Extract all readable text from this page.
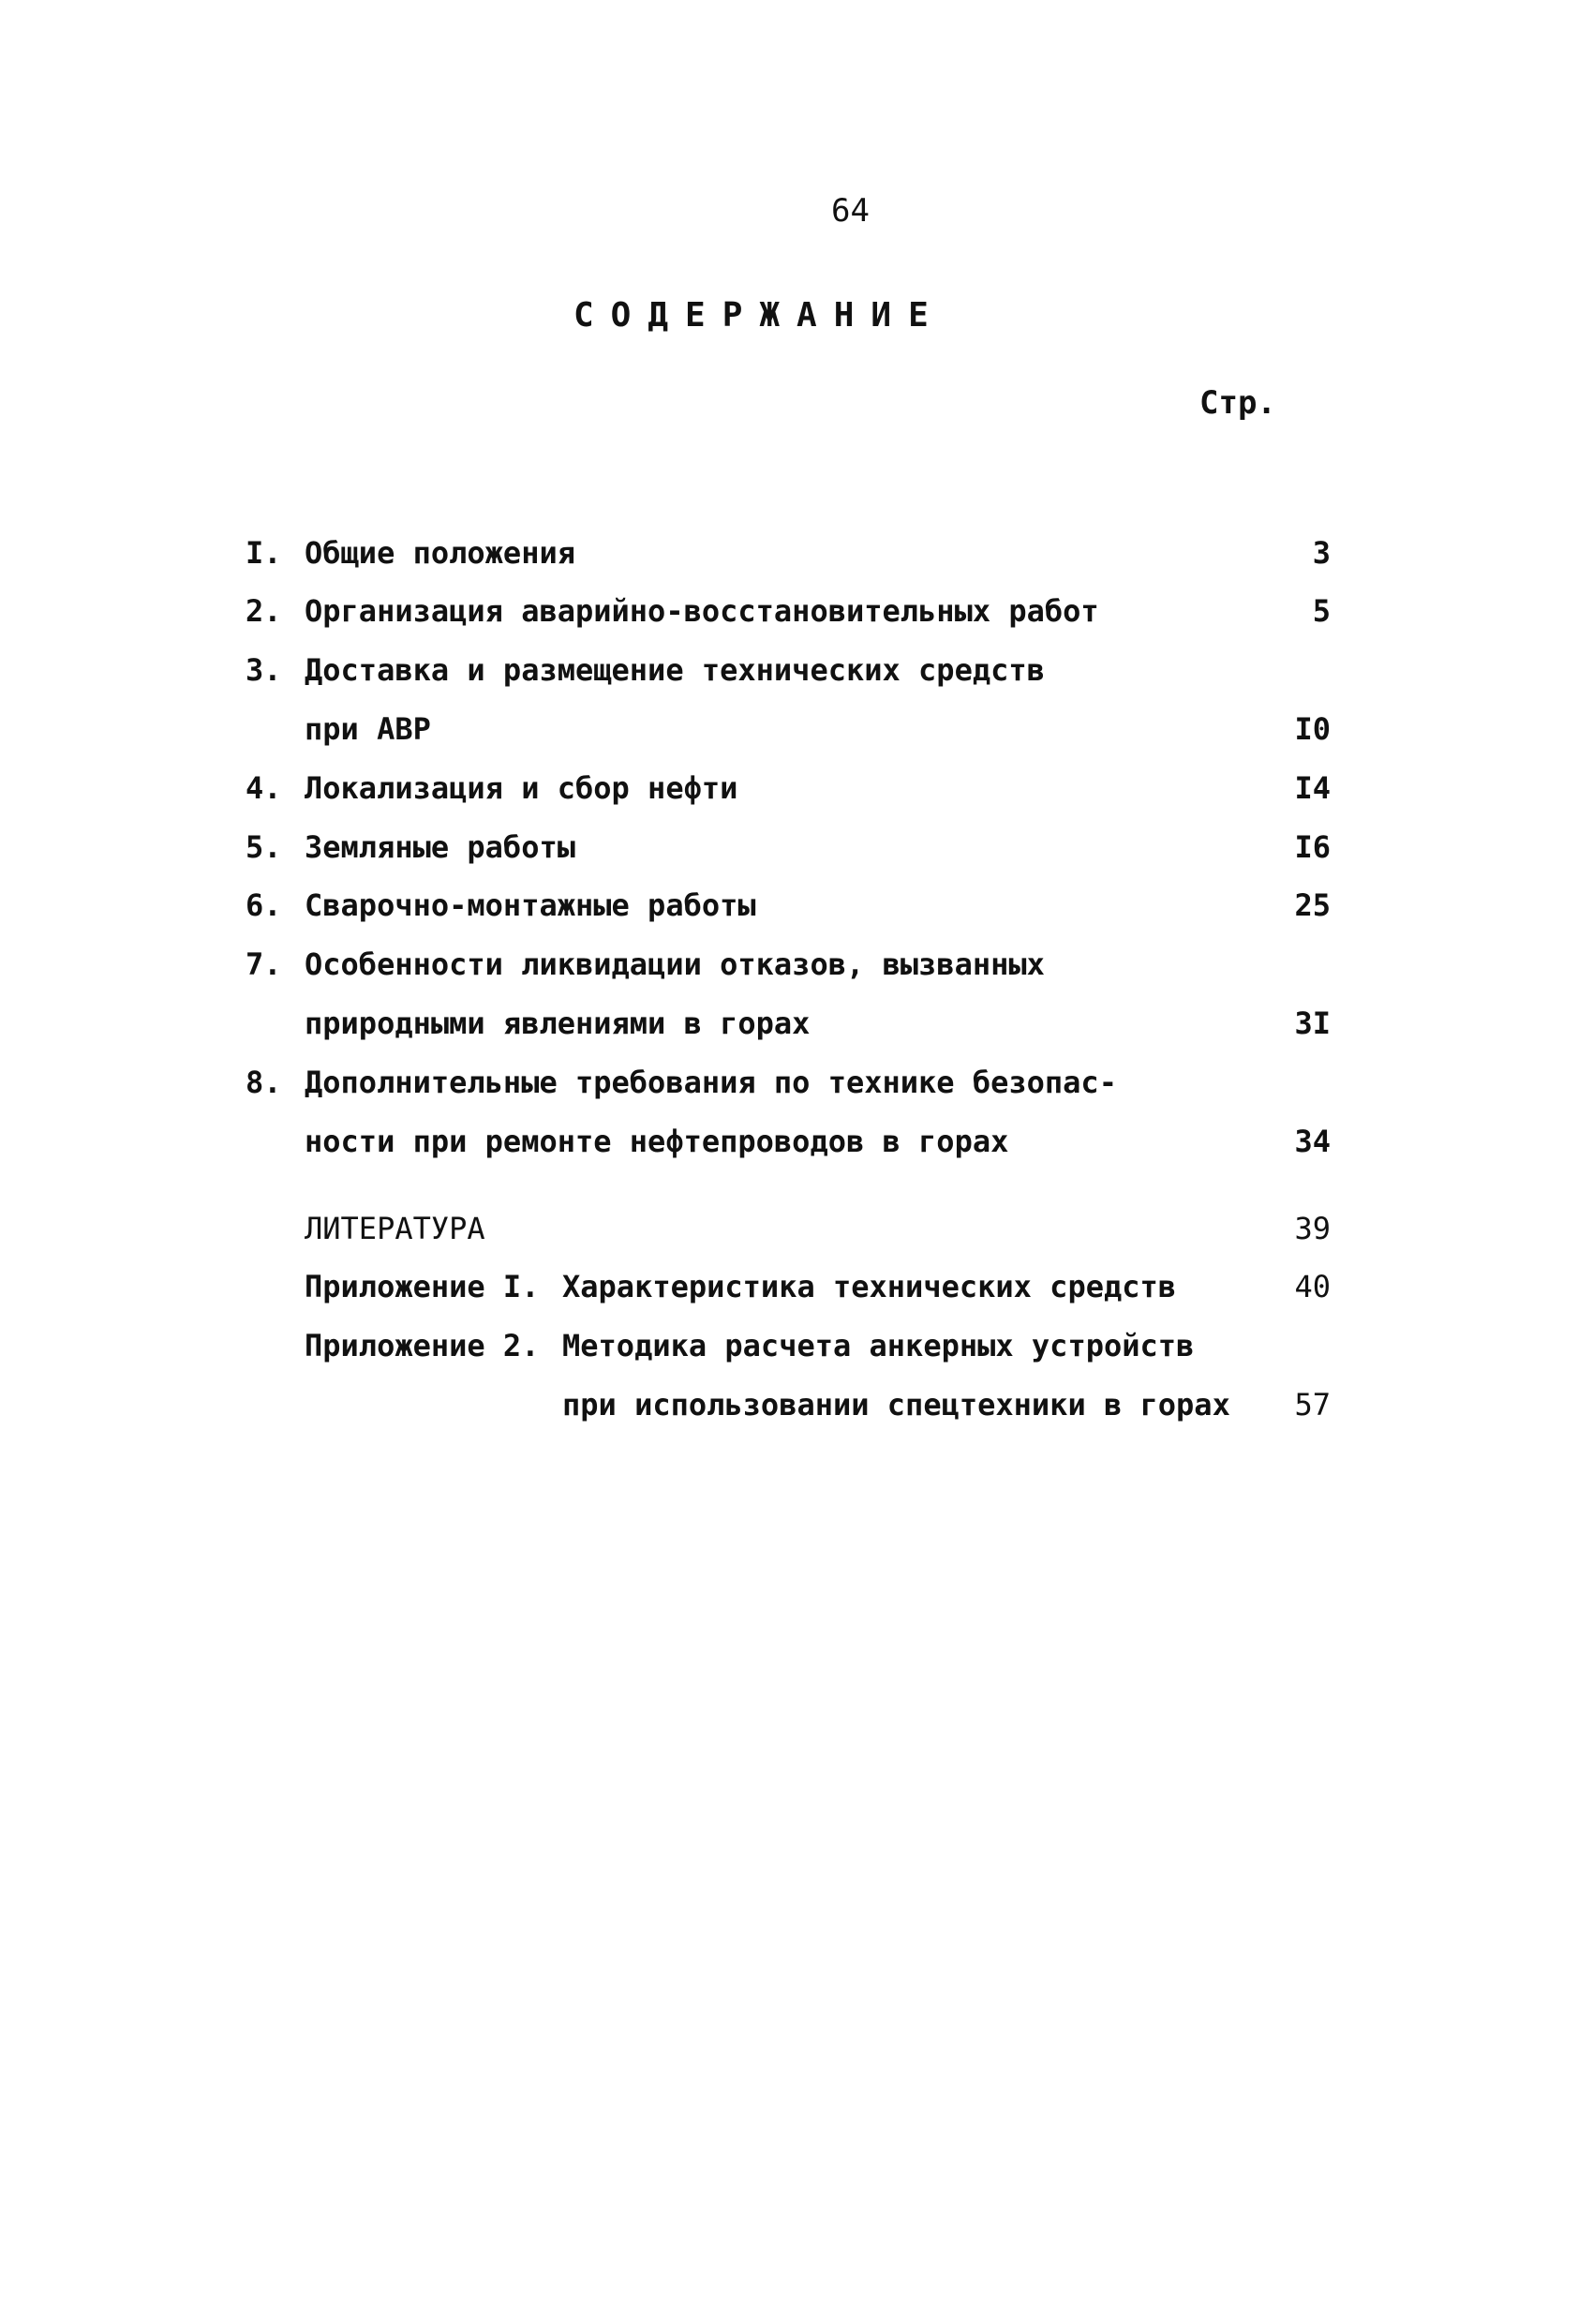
64
СОДЕРЖАНИЕ
Стр.
I. Общие положения	3
2. Организация аварийно-восстановительных работ	5
3. Доставка и размещение технических средств
при АВР	I0
4. Локализация и сбор нефти	I4
5. Земляные работы	I6
6. Сварочно-монтажные работы	25
7. Особенности ликвидации отказов, вызванных
природными явлениями в горах	3I
8. Дополнительные требования по технике безопас-
ности при ремонте нефтепроводов в горах	34
ЛИТЕРАТУРА	39
Приложение I. Характеристика технических средств	40
Приложение 2. Методика расчета анкерных устройств
при использовании спецтехники в горах	57
